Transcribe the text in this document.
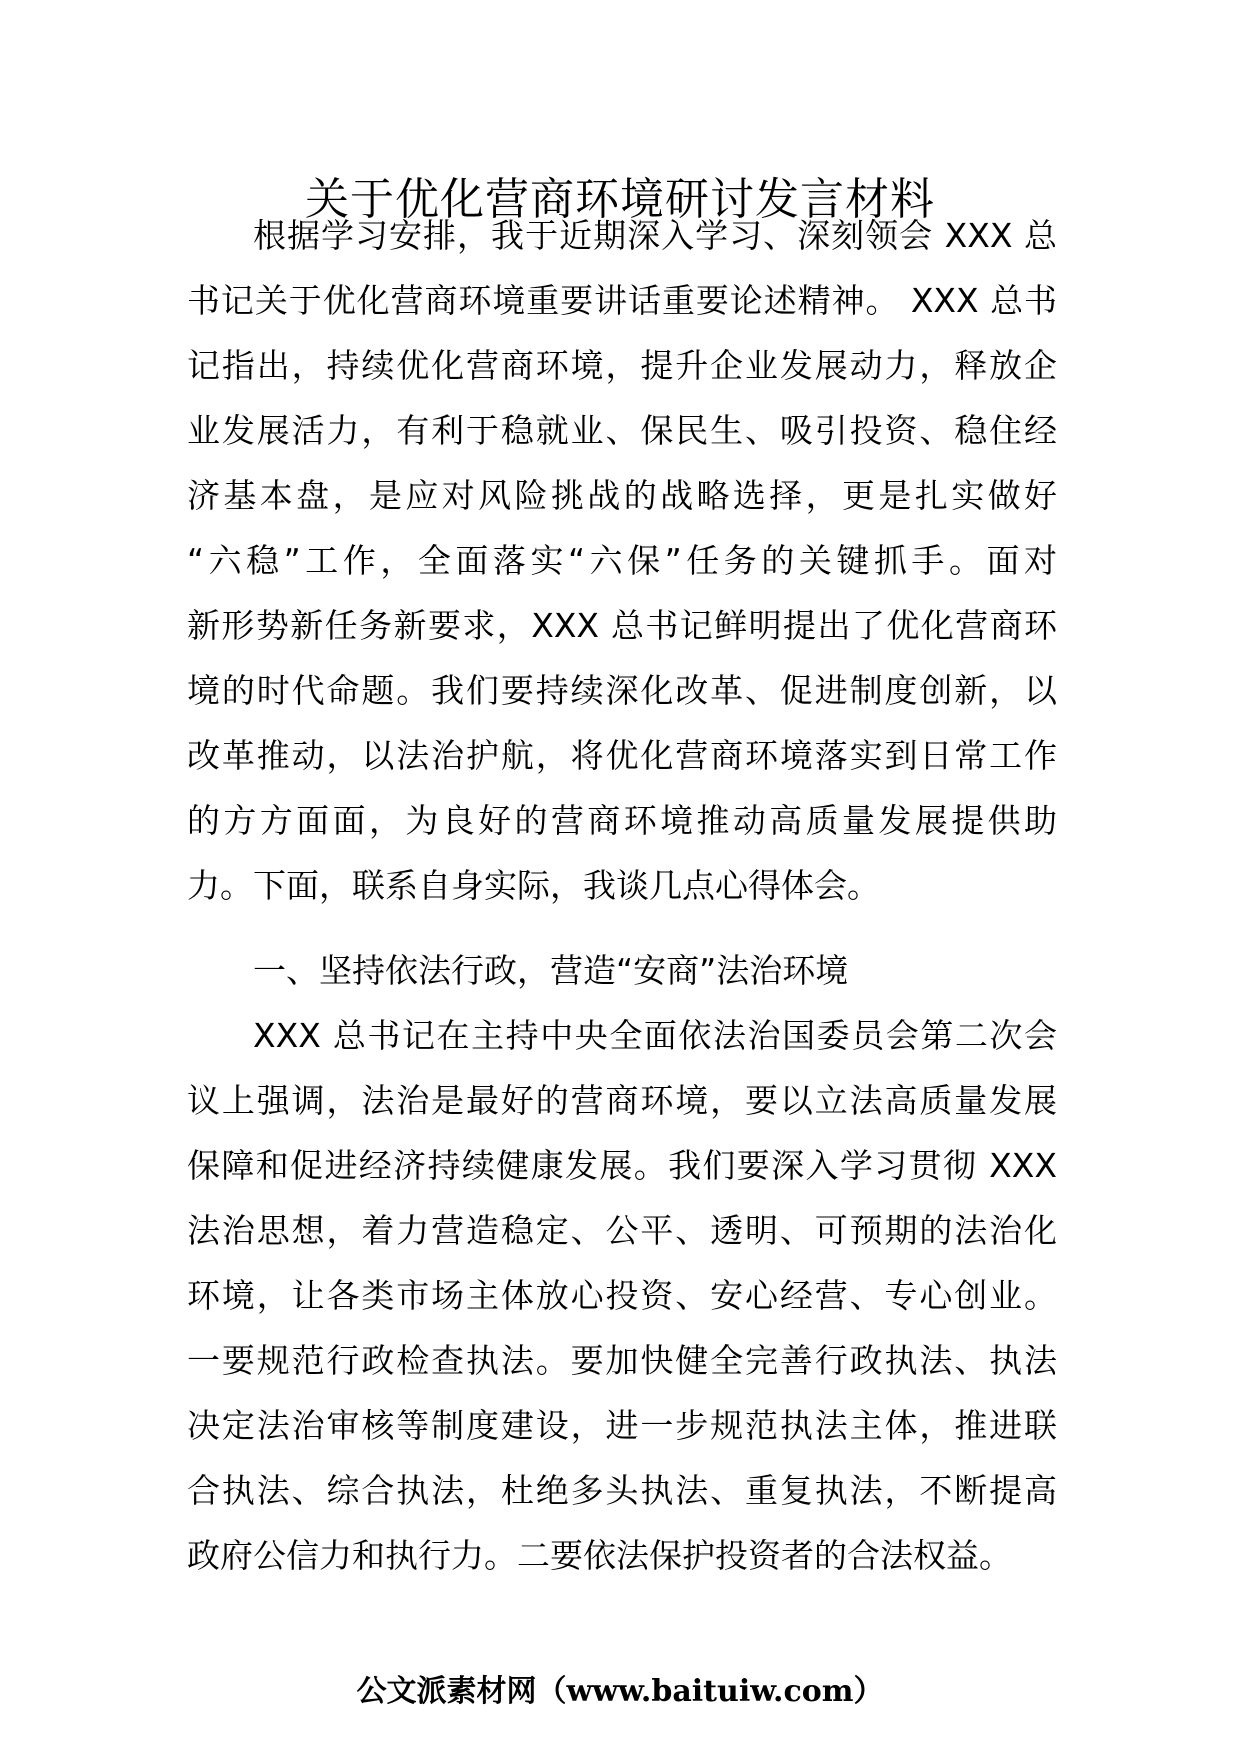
关于优化营商环境研讨发言材料
根据学习安排，我于近期深入学习、深刻领会 XXX 总
书记关于优化营商环境重要讲话重要论述精神。 XXX 总书
记指出，持续优化营商环境，提升企业发展动力，释放企
业发展活力，有利于稳就业、保民生、吸引投资、稳住经
济基本盘，是应对风险挑战的战略选择，更是扎实做好
“六稳”工作，全面落实“六保”任务的关键抓手。面对
新形势新任务新要求，XXX 总书记鲜明提出了优化营商环
境的时代命题。我们要持续深化改革、促进制度创新，以
改革推动，以法治护航，将优化营商环境落实到日常工作
的方方面面，为良好的营商环境推动高质量发展提供助
力。下面，联系自身实际，我谈几点心得体会。
一、坚持依法行政，营造“安商”法治环境
XXX 总书记在主持中央全面依法治国委员会第二次会
议上强调，法治是最好的营商环境，要以立法高质量发展
保障和促进经济持续健康发展。我们要深入学习贯彻 XXX
法治思想，着力营造稳定、公平、透明、可预期的法治化
环境，让各类市场主体放心投资、安心经营、专心创业。
一要规范行政检查执法。要加快健全完善行政执法、执法
决定法治审核等制度建设，进一步规范执法主体，推进联
合执法、综合执法，杜绝多头执法、重复执法，不断提高
政府公信力和执行力。二要依法保护投资者的合法权益。
公文派素材网（www.baituiw.com）
